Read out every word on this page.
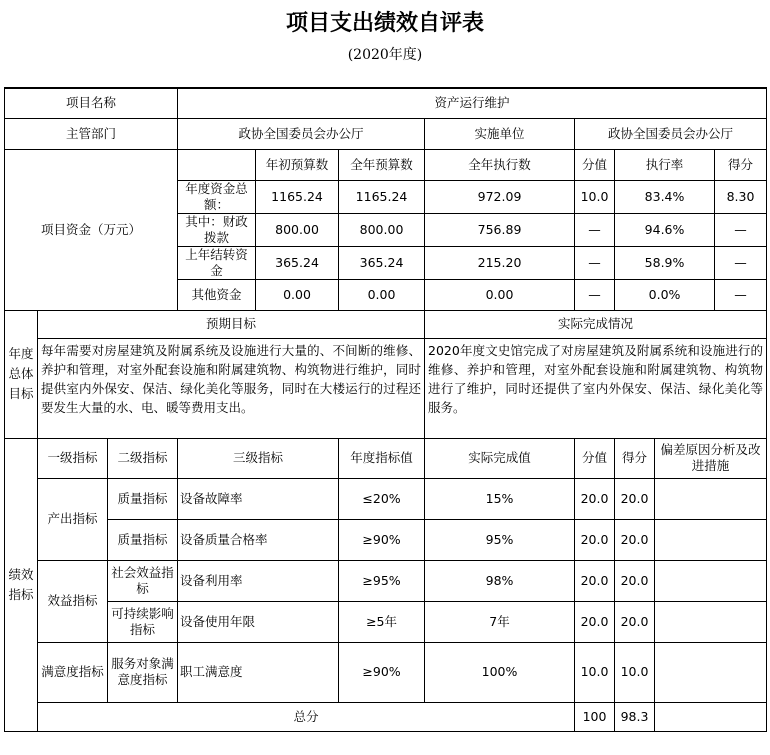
项目支出绩效自评表
(2020年度)
项目名称			资产运行维护							
主管部门			政协全国委员会办公厅			实施单位	政协全国委员会办公厅			
项目资金（万元）				年初预算数	全年预算数	全年执行数	分值	执行率		得分
			年度资金总额：	1165.24	1165.24	972.09	10.0	83.4%		8.30
			其中：财政拨款	800.00	800.00	756.89	—	94.6%		—
			上年结转资金	365.24	365.24	215.20	—	58.9%		—
			其他资金	0.00	0.00	0.00	—	0.0%		—
年度总体目标	预期目标					实际完成情况				
	每年需要对房屋建筑及附属系统及设施进行大量的、不间断的维修、养护和管理，对室外配套设施和附属建筑物、构筑物进行维护，同时提供室内外保安、保洁、绿化美化等服务，同时在大楼运行的过程还要发生大量的水、电、暖等费用支出。					2020年度文史馆完成了对房屋建筑及附属系统和设施进行的维修、养护和管理，对室外配套设施和附属建筑物、构筑物进行了维护，同时还提供了室内外保安、保洁、绿化美化等服务。				
绩效指标	一级指标	二级指标	三级指标		年度指标值	实际完成值	分值	得分	偏差原因分析及改进措施	
	产出指标	质量指标	设备故障率		≤20%	15%	20.0	20.0		
		质量指标	设备质量合格率		≥90%	95%	20.0	20.0		
	效益指标	社会效益指标	设备利用率		≥95%	98%	20.0	20.0		
		可持续影响指标	设备使用年限		≥5年	7年	20.0	20.0		
	满意度指标	服务对象满意度指标	职工满意度		≥90%	100%	10.0	10.0		
	总分						100	98.3		
